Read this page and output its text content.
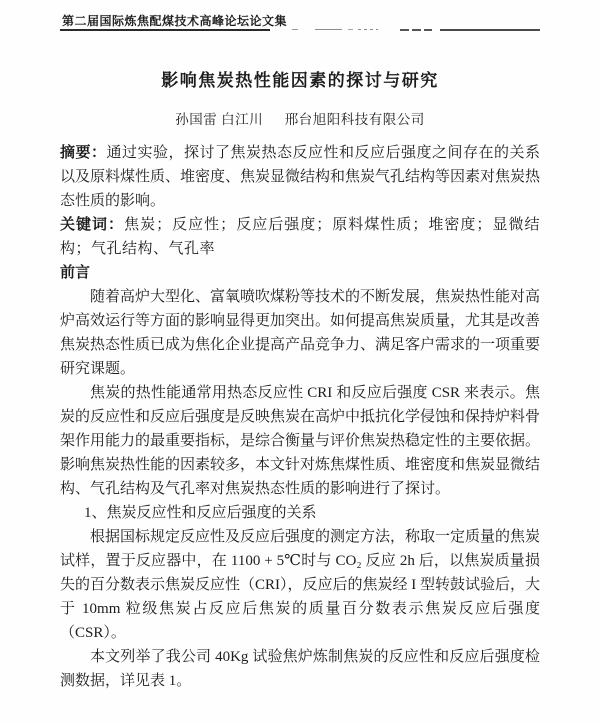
第二届国际炼焦配煤技术高峰论坛论文集
影响焦炭热性能因素的探讨与研究
孙国雷 白江川 邢台旭阳科技有限公司

摘要：通过实验，探讨了焦炭热态反应性和反应后强度之间存在的关系以及原料煤性质、堆密度、焦炭显微结构和焦炭气孔结构等因素对焦炭热态性质的影响。

关键词：焦炭；反应性；反应后强度；原料煤性质；堆密度；显微结构；气孔结构、气孔率

前言

随着高炉大型化、富氧喷吹煤粉等技术的不断发展，焦炭热性能对高炉高效运行等方面的影响显得更加突出。如何提高焦炭质量，尤其是改善焦炭热态性质已成为焦化企业提高产品竞争力、满足客户需求的一项重要研究课题。

焦炭的热性能通常用热态反应性 CRI 和反应后强度 CSR 来表示。焦炭的反应性和反应后强度是反映焦炭在高炉中抵抗化学侵蚀和保持炉料骨架作用能力的最重要指标，是综合衡量与评价焦炭热稳定性的主要依据。影响焦炭热性能的因素较多，本文针对炼焦煤性质、堆密度和焦炭显微结构、气孔结构及气孔率对焦炭热态性质的影响进行了探讨。

1、焦炭反应性和反应后强度的关系

根据国标规定反应性及反应后强度的测定方法，称取一定质量的焦炭试样，置于反应器中，在 1100 + 5℃时与 CO₂ 反应 2h 后，以焦炭质量损失的百分数表示焦炭反应性（CRI），反应后的焦炭经 I 型转鼓试验后，大于 10mm 粒级焦炭占反应后焦炭的质量百分数表示焦炭反应后强度（CSR）。

本文列举了我公司 40Kg 试验焦炉炼制焦炭的反应性和反应后强度检测数据，详见表 1。
